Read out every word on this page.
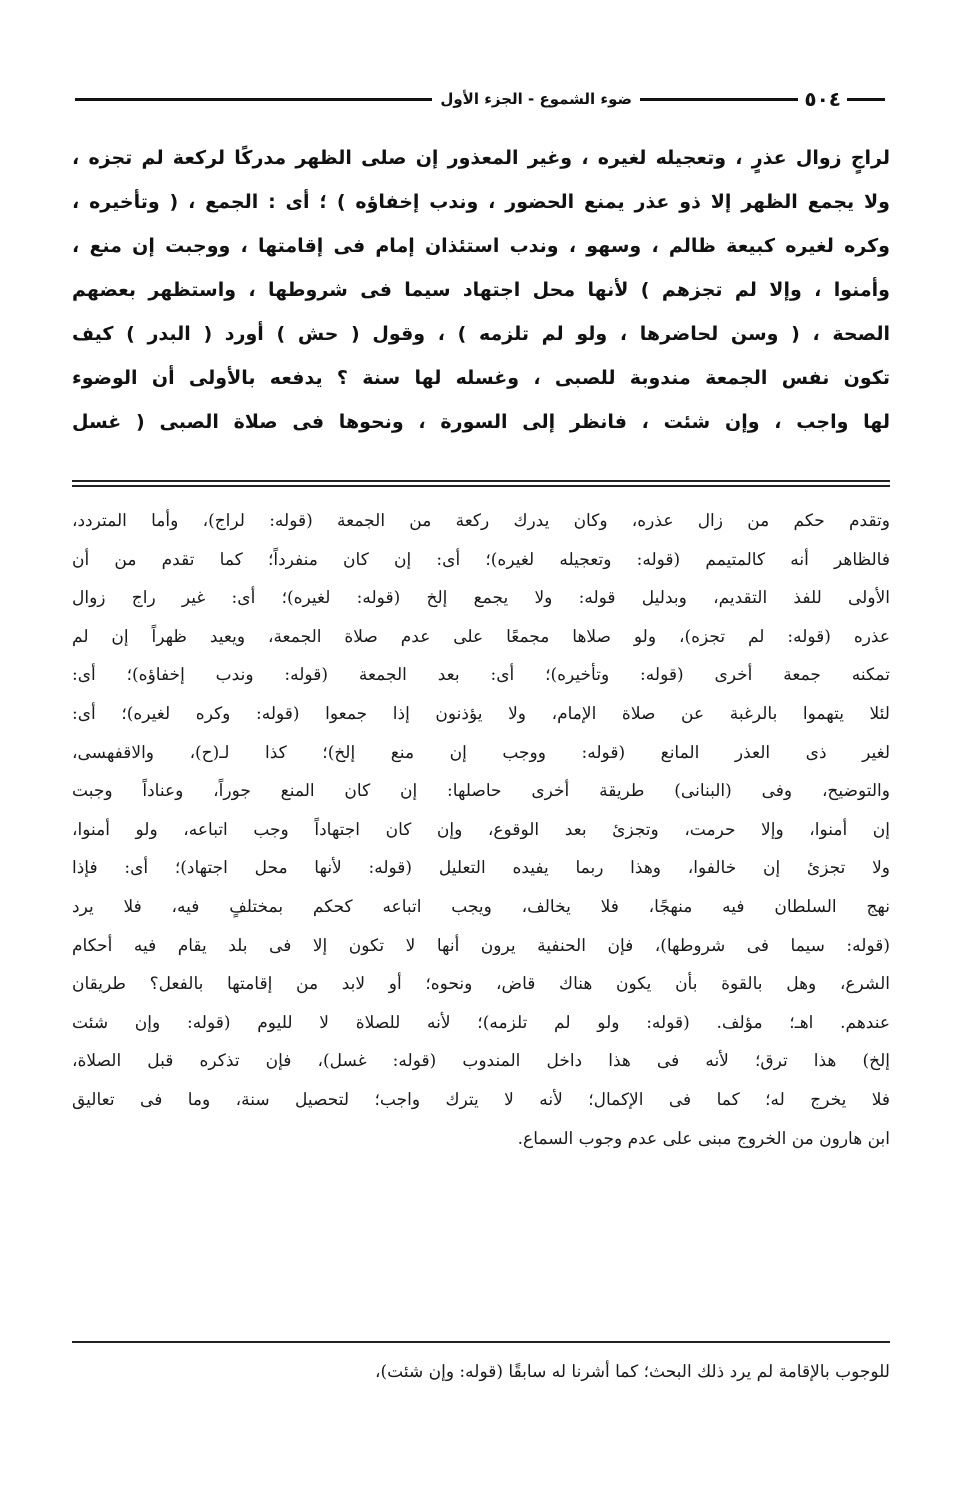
٥٠٤
ضوء الشموع - الجزء الأول
لراجٍ زوال عذرٍ ، وتعجيله لغيره ، وغير المعذور إن صلى الظهر مدركًا لركعة لم تجزه ،
ولا يجمع الظهر إلا ذو عذر يمنع الحضور ، وندب إخفاؤه ) ؛ أى : الجمع ، ( وتأخيره ،
وكره لغيره كبيعة ظالم ، وسهو ، وندب استئذان إمام فى إقامتها ، ووجبت إن منع ،
وأمنوا ، وإلا لم تجزهم ) لأنها محل اجتهاد سيما فى شروطها ، واستظهر بعضهم
الصحة ، ( وسن لحاضرها ، ولو لم تلزمه ) ، وقول ( حش ) أورد ( البدر ) كيف
تكون نفس الجمعة مندوبة للصبى ، وغسله لها سنة ؟ يدفعه بالأولى أن الوضوء
لها واجب ، وإن شئت ، فانظر إلى السورة ، ونحوها فى صلاة الصبى ( غسل
وتقدم حكم من زال عذره، وكان يدرك ركعة من الجمعة (قوله: لراج)، وأما المتردد،
فالظاهر أنه كالمتيمم (قوله: وتعجيله لغيره)؛ أى: إن كان منفرداً؛ كما تقدم من أن
الأولى للفذ التقديم، وبدليل قوله: ولا يجمع إلخ (قوله: لغيره)؛ أى: غير راج زوال
عذره (قوله: لم تجزه)، ولو صلاها مجمعًا على عدم صلاة الجمعة، ويعيد ظهراً إن لم
تمكنه جمعة أخرى (قوله: وتأخيره)؛ أى: بعد الجمعة (قوله: وندب إخفاؤه)؛ أى:
لئلا يتهموا بالرغبة عن صلاة الإمام، ولا يؤذنون إذا جمعوا (قوله: وكره لغيره)؛ أى:
لغير ذى العذر المانع (قوله: ووجب إن منع إلخ)؛ كذا لـ(ح)، والاقفهسى،
والتوضيح، وفى (البنانى) طريقة أخرى حاصلها: إن كان المنع جوراً، وعناداً وجبت
إن أمنوا، وإلا حرمت، وتجزئ بعد الوقوع، وإن كان اجتهاداً وجب اتباعه، ولو أمنوا،
ولا تجزئ إن خالفوا، وهذا ربما يفيده التعليل (قوله: لأنها محل اجتهاد)؛ أى: فإذا
نهج السلطان فيه منهجًا، فلا يخالف، ويجب اتباعه كحكم بمختلفٍ فيه، فلا يرد
(قوله: سيما فى شروطها)، فإن الحنفية يرون أنها لا تكون إلا فى بلد يقام فيه أحكام
الشرع، وهل بالقوة بأن يكون هناك قاض، ونحوه؛ أو لابد من إقامتها بالفعل؟ طريقان
عندهم. اهـ؛ مؤلف. (قوله: ولو لم تلزمه)؛ لأنه للصلاة لا لليوم (قوله: وإن شئت
إلخ) هذا ترق؛ لأنه فى هذا داخل المندوب (قوله: غسل)، فإن تذكره قبل الصلاة،
فلا يخرج له؛ كما فى الإكمال؛ لأنه لا يترك واجب؛ لتحصيل سنة، وما فى تعاليق
ابن هارون من الخروج مبنى على عدم وجوب السماع.
للوجوب بالإقامة لم يرد ذلك البحث؛ كما أشرنا له سابقًا (قوله: وإن شئت)،
